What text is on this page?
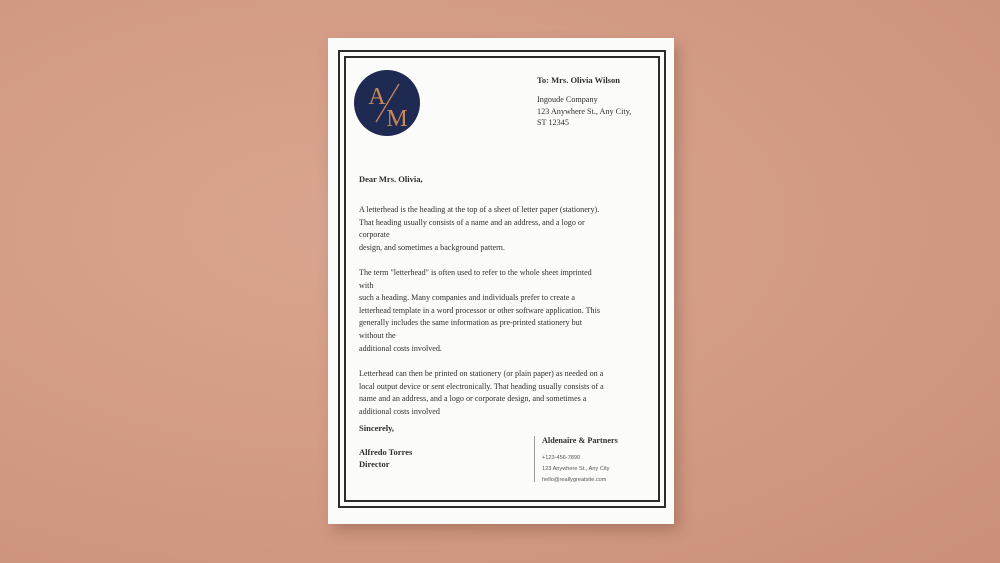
A
M
To: Mrs. Olivia Wilson
Ingoude Company
123 Anywhere St., Any City,
ST 12345
Dear Mrs. Olivia,
A letterhead is the heading at the top of a sheet of letter paper (stationery).
That heading usually consists of a name and an address, and a logo or
corporate
design, and sometimes a background pattern.
The term "letterhead" is often used to refer to the whole sheet imprinted
with
such a heading. Many companies and individuals prefer to create a
letterhead template in a word processor or other software application. This
generally includes the same information as pre-printed stationery but
without the
additional costs involved.
Letterhead can then be printed on stationery (or plain paper) as needed on a
local output device or sent electronically. That heading usually consists of a
name and an address, and a logo or corporate design, and sometimes a
additional costs involved
Sincerely,
Alfredo Torres
Director
Aldenaire & Partners
+123-456-7890
123 Anywhere St., Any City
hello@reallygreatsite.com
